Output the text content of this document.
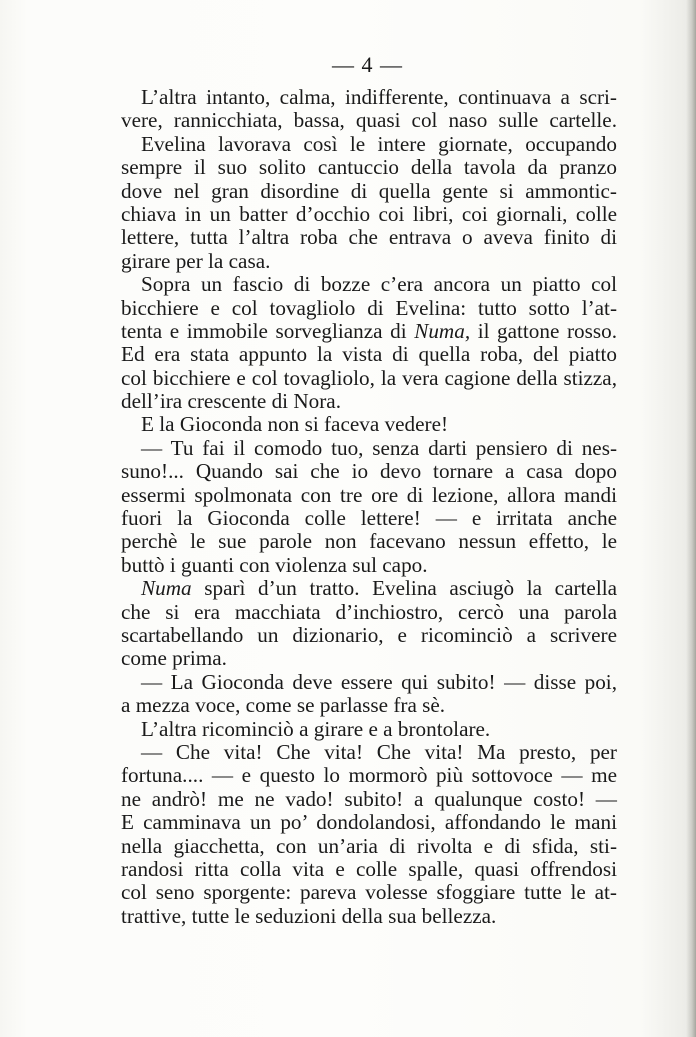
— 4 —
L’altra intanto, calma, indifferente, continuava a scri-
vere, rannicchiata, bassa, quasi col naso sulle cartelle.
Evelina lavorava così le intere giornate, occupando
sempre il suo solito cantuccio della tavola da pranzo
dove nel gran disordine di quella gente si ammontic-
chiava in un batter d’occhio coi libri, coi giornali, colle
lettere, tutta l’altra roba che entrava o aveva finito di
girare per la casa.
Sopra un fascio di bozze c’era ancora un piatto col
bicchiere e col tovagliolo di Evelina: tutto sotto l’at-
tenta e immobile sorveglianza di Numa, il gattone rosso.
Ed era stata appunto la vista di quella roba, del piatto
col bicchiere e col tovagliolo, la vera cagione della stizza,
dell’ira crescente di Nora.
E la Gioconda non si faceva vedere!
— Tu fai il comodo tuo, senza darti pensiero di nes-
suno!... Quando sai che io devo tornare a casa dopo
essermi spolmonata con tre ore di lezione, allora mandi
fuori la Gioconda colle lettere! — e irritata anche
perchè le sue parole non facevano nessun effetto, le
buttò i guanti con violenza sul capo.
Numa sparì d’un tratto. Evelina asciugò la cartella
che si era macchiata d’inchiostro, cercò una parola
scartabellando un dizionario, e ricominciò a scrivere
come prima.
— La Gioconda deve essere qui subito! — disse poi,
a mezza voce, come se parlasse fra sè.
L’altra ricominciò a girare e a brontolare.
— Che vita! Che vita! Che vita! Ma presto, per
fortuna.... — e questo lo mormorò più sottovoce — me
ne andrò! me ne vado! subito! a qualunque costo! —
E camminava un po’ dondolandosi, affondando le mani
nella giacchetta, con un’aria di rivolta e di sfida, sti-
randosi ritta colla vita e colle spalle, quasi offrendosi
col seno sporgente: pareva volesse sfoggiare tutte le at-
trattive, tutte le seduzioni della sua bellezza.
